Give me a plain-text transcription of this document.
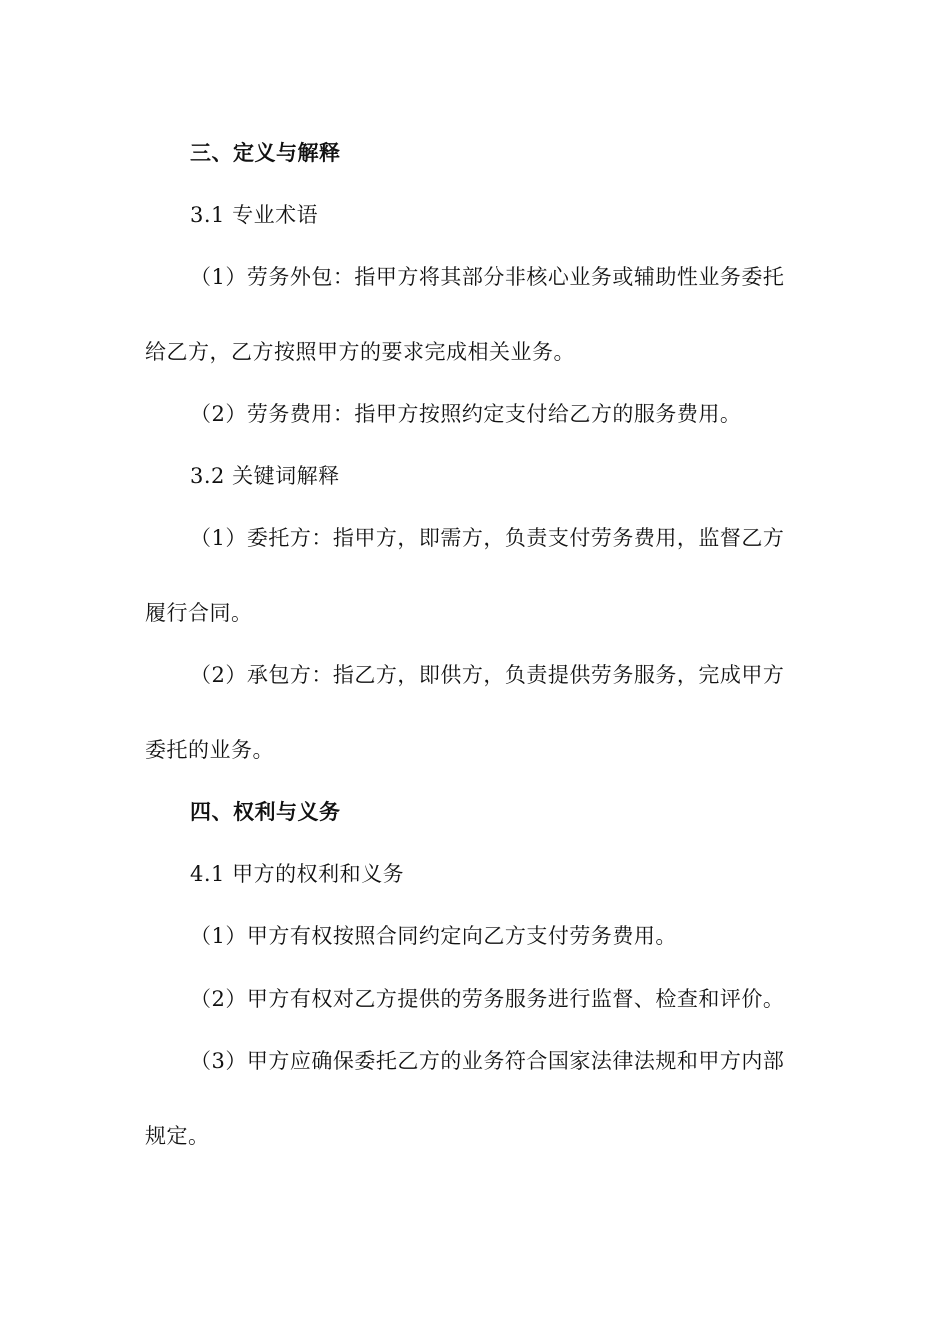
三、定义与解释
3.1 专业术语
（1）劳务外包：指甲方将其部分非核心业务或辅助性业务委托
给乙方，乙方按照甲方的要求完成相关业务。
（2）劳务费用：指甲方按照约定支付给乙方的服务费用。
3.2 关键词解释
（1）委托方：指甲方，即需方，负责支付劳务费用，监督乙方
履行合同。
（2）承包方：指乙方，即供方，负责提供劳务服务，完成甲方
委托的业务。
四、权利与义务
4.1 甲方的权利和义务
（1）甲方有权按照合同约定向乙方支付劳务费用。
（2）甲方有权对乙方提供的劳务服务进行监督、检查和评价。
（3）甲方应确保委托乙方的业务符合国家法律法规和甲方内部
规定。
